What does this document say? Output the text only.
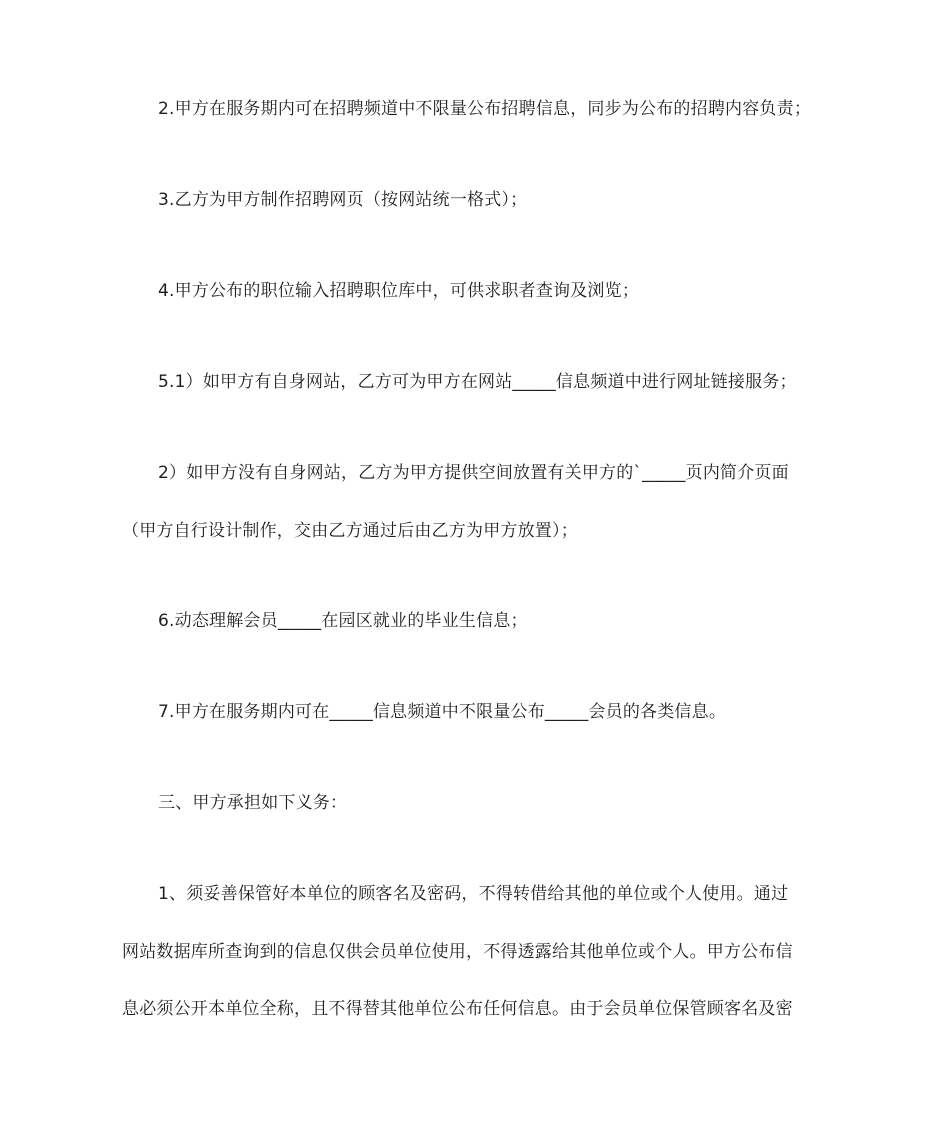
2.甲方在服务期内可在招聘频道中不限量公布招聘信息，同步为公布的招聘内容负责；
3.乙方为甲方制作招聘网页（按网站统一格式）；
4.甲方公布的职位输入招聘职位库中，可供求职者查询及浏览；
5.1）如甲方有自身网站，乙方可为甲方在网站_____信息频道中进行网址链接服务；
2）如甲方没有自身网站，乙方为甲方提供空间放置有关甲方的`_____页内简介页面
（甲方自行设计制作，交由乙方通过后由乙方为甲方放置）；
6.动态理解会员_____在园区就业的毕业生信息；
7.甲方在服务期内可在_____信息频道中不限量公布_____会员的各类信息。
三、甲方承担如下义务：
1、须妥善保管好本单位的顾客名及密码，不得转借给其他的单位或个人使用。通过
网站数据库所查询到的信息仅供会员单位使用，不得透露给其他单位或个人。甲方公布信
息必须公开本单位全称，且不得替其他单位公布任何信息。由于会员单位保管顾客名及密
